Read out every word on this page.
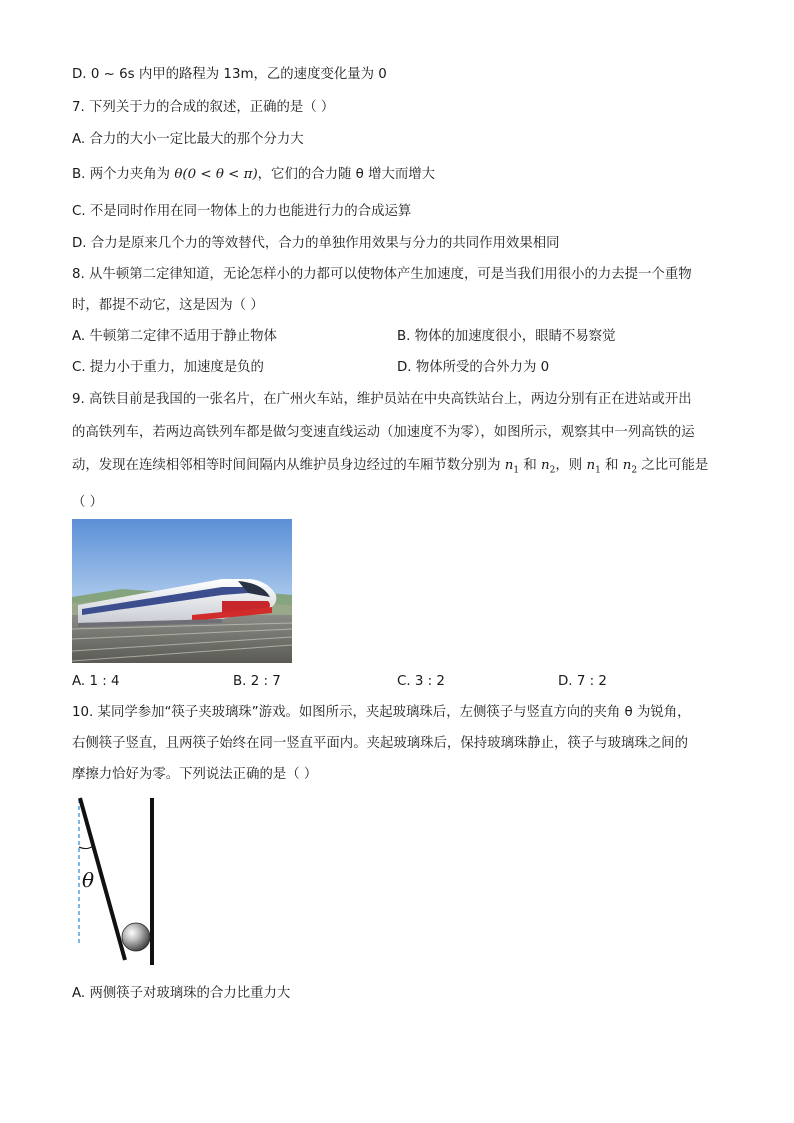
D. 0 ~ 6s 内甲的路程为 13m，乙的速度变化量为 0
7. 下列关于力的合成的叙述，正确的是（ ）
A. 合力的大小一定比最大的那个分力大
B. 两个力夹角为 θ(0 < θ < π)，它们的合力随 θ 增大而增大
C. 不是同时作用在同一物体上的力也能进行力的合成运算
D. 合力是原来几个力的等效替代，合力的单独作用效果与分力的共同作用效果相同
8. 从牛顿第二定律知道，无论怎样小的力都可以使物体产生加速度，可是当我们用很小的力去提一个重物
时，都提不动它，这是因为（ ）
A. 牛顿第二定律不适用于静止物体	B. 物体的加速度很小，眼睛不易察觉
C. 提力小于重力，加速度是负的	D. 物体所受的合外力为 0
9. 高铁目前是我国的一张名片，在广州火车站，维护员站在中央高铁站台上，两边分别有正在进站或开出
的高铁列车，若两边高铁列车都是做匀变速直线运动（加速度不为零），如图所示，观察其中一列高铁的运
动，发现在连续相邻相等时间间隔内从维护员身边经过的车厢节数分别为 $n_1$ 和 $n_2$，则 $n_1$ 和 $n_2$ 之比可能是
（ ）
A. 1 : 4	B. 2 : 7	C. 3 : 2	D. 7 : 2
10. 某同学参加“筷子夹玻璃珠”游戏。如图所示，夹起玻璃珠后，左侧筷子与竖直方向的夹角 θ 为锐角，
右侧筷子竖直，且两筷子始终在同一竖直平面内。夹起玻璃珠后，保持玻璃珠静止，筷子与玻璃珠之间的
摩擦力恰好为零。下列说法正确的是（ ）
θ
A. 两侧筷子对玻璃珠的合力比重力大
